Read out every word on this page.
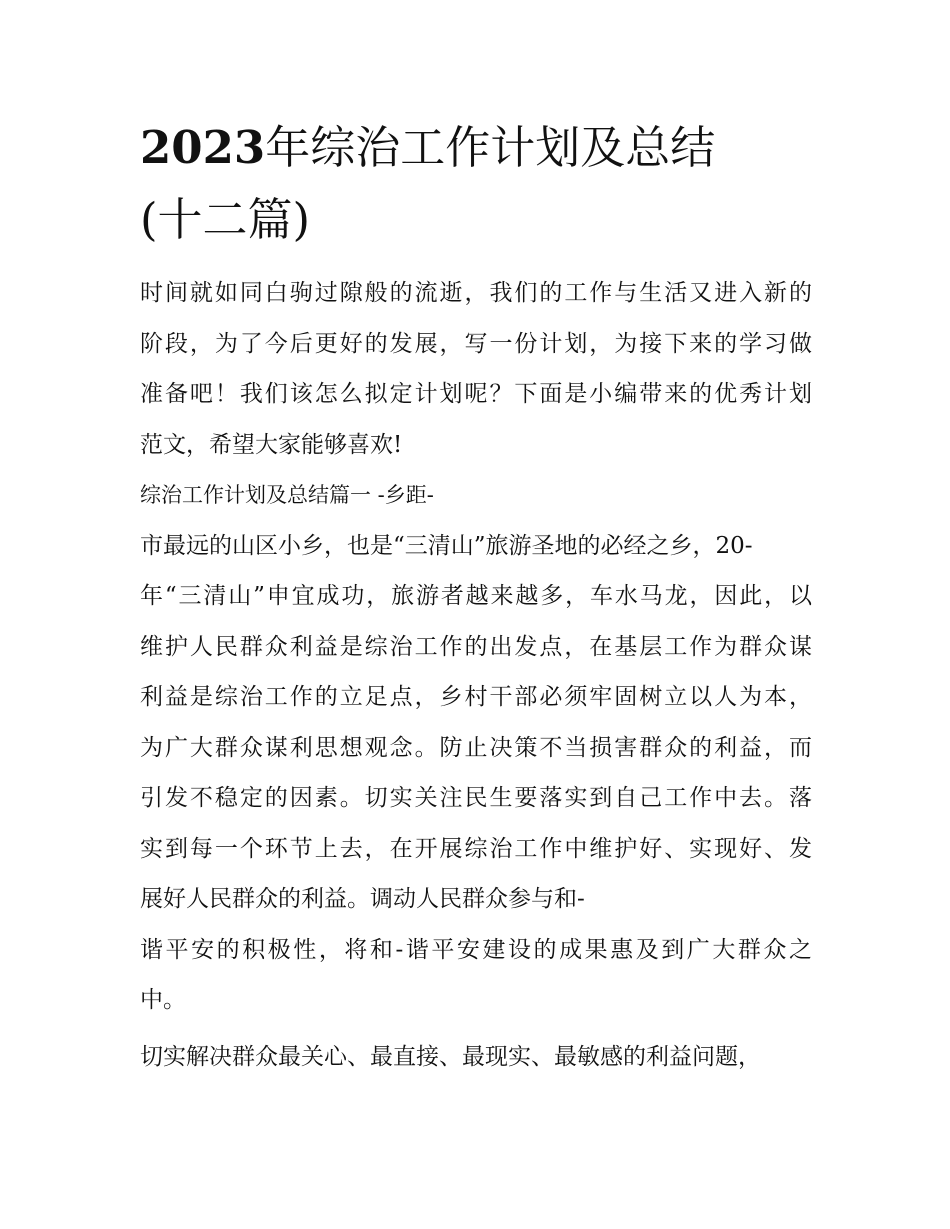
2023年综治工作计划及总结
(十二篇)
时间就如同白驹过隙般的流逝，我们的工作与生活又进入新的
阶段，为了今后更好的发展，写一份计划，为接下来的学习做
准备吧！我们该怎么拟定计划呢？下面是小编带来的优秀计划
范文，希望大家能够喜欢!
综治工作计划及总结篇一 -乡距-
市最远的山区小乡，也是“三清山”旅游圣地的必经之乡，20-
年“三清山”申宜成功，旅游者越来越多，车水马龙，因此，以
维护人民群众利益是综治工作的出发点，在基层工作为群众谋
利益是综治工作的立足点，乡村干部必须牢固树立以人为本，
为广大群众谋利思想观念。防止决策不当损害群众的利益，而
引发不稳定的因素。切实关注民生要落实到自己工作中去。落
实到每一个环节上去，在开展综治工作中维护好、实现好、发
展好人民群众的利益。调动人民群众参与和-
谐平安的积极性，将和-谐平安建设的成果惠及到广大群众之
中。
切实解决群众最关心、最直接、最现实、最敏感的利益问题，
